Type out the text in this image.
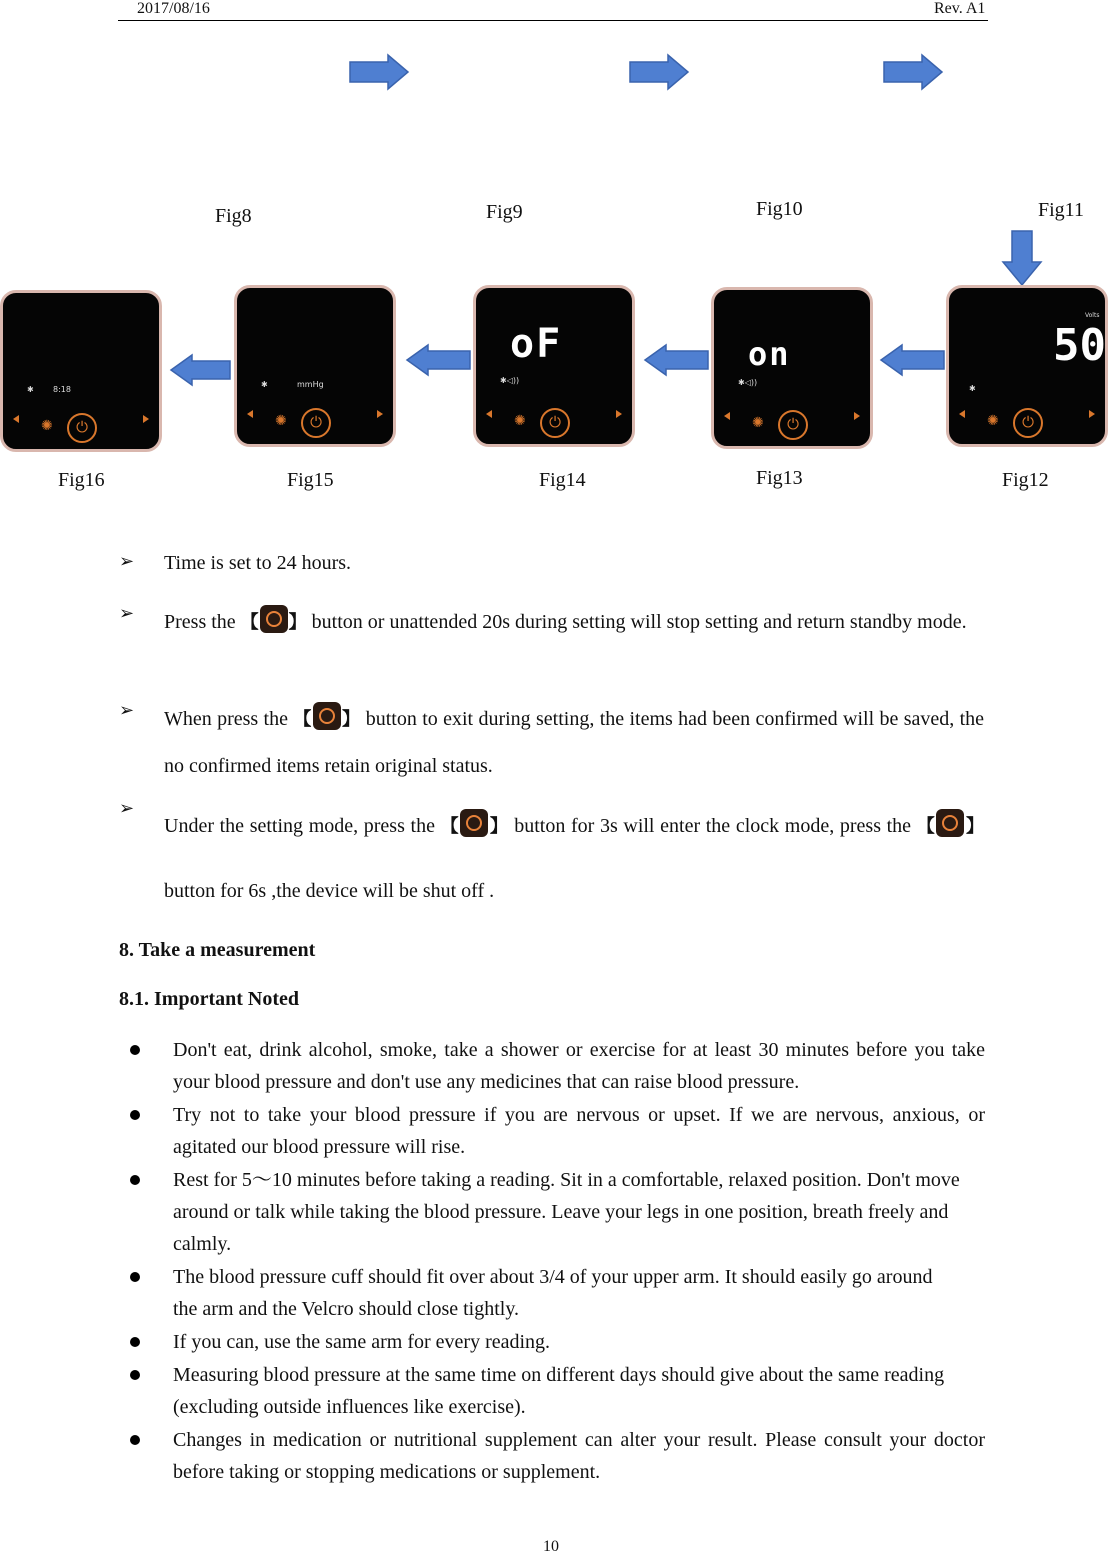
2017/08/16	Rev. A1
Fig8	Fig9	Fig10	Fig11
✱ 8:18
✺	⏻
✱	mmHg
✺	⏻
oF
✱◁))
✺	⏻
on
✱◁))
✺	⏻
Volts
50
✱
✺	⏻
Fig16	Fig15	Fig14	Fig13	Fig12
➢ Time is set to 24 hours.
➢ Press the 【 】 button or unattended 20s during setting will stop setting and return standby mode.
➢ When press the 【 】 button to exit during setting, the items had been confirmed will be saved, the no confirmed items retain original status.
➢
Under the setting mode, press the 【 】 button for 3s will enter the clock mode, press the 【 】 button for 6s ,the device will be shut off .
8. Take a measurement
8.1. Important Noted
Don't eat, drink alcohol, smoke, take a shower or exercise for at least 30 minutes before you take your blood pressure and don't use any medicines that can raise blood pressure.
Try not to take your blood pressure if you are nervous or upset. If we are nervous, anxious, or agitated our blood pressure will rise.
Rest for 5～10 minutes before taking a reading. Sit in a comfortable, relaxed position. Don't move around or talk while taking the blood pressure. Leave your legs in one position, breath freely and calmly.
The blood pressure cuff should fit over about 3/4 of your upper arm. It should easily go around the arm and the Velcro should close tightly.
If you can, use the same arm for every reading.
Measuring blood pressure at the same time on different days should give about the same reading (excluding outside influences like exercise).
Changes in medication or nutritional supplement can alter your result. Please consult your doctor before taking or stopping medications or supplement.
10
